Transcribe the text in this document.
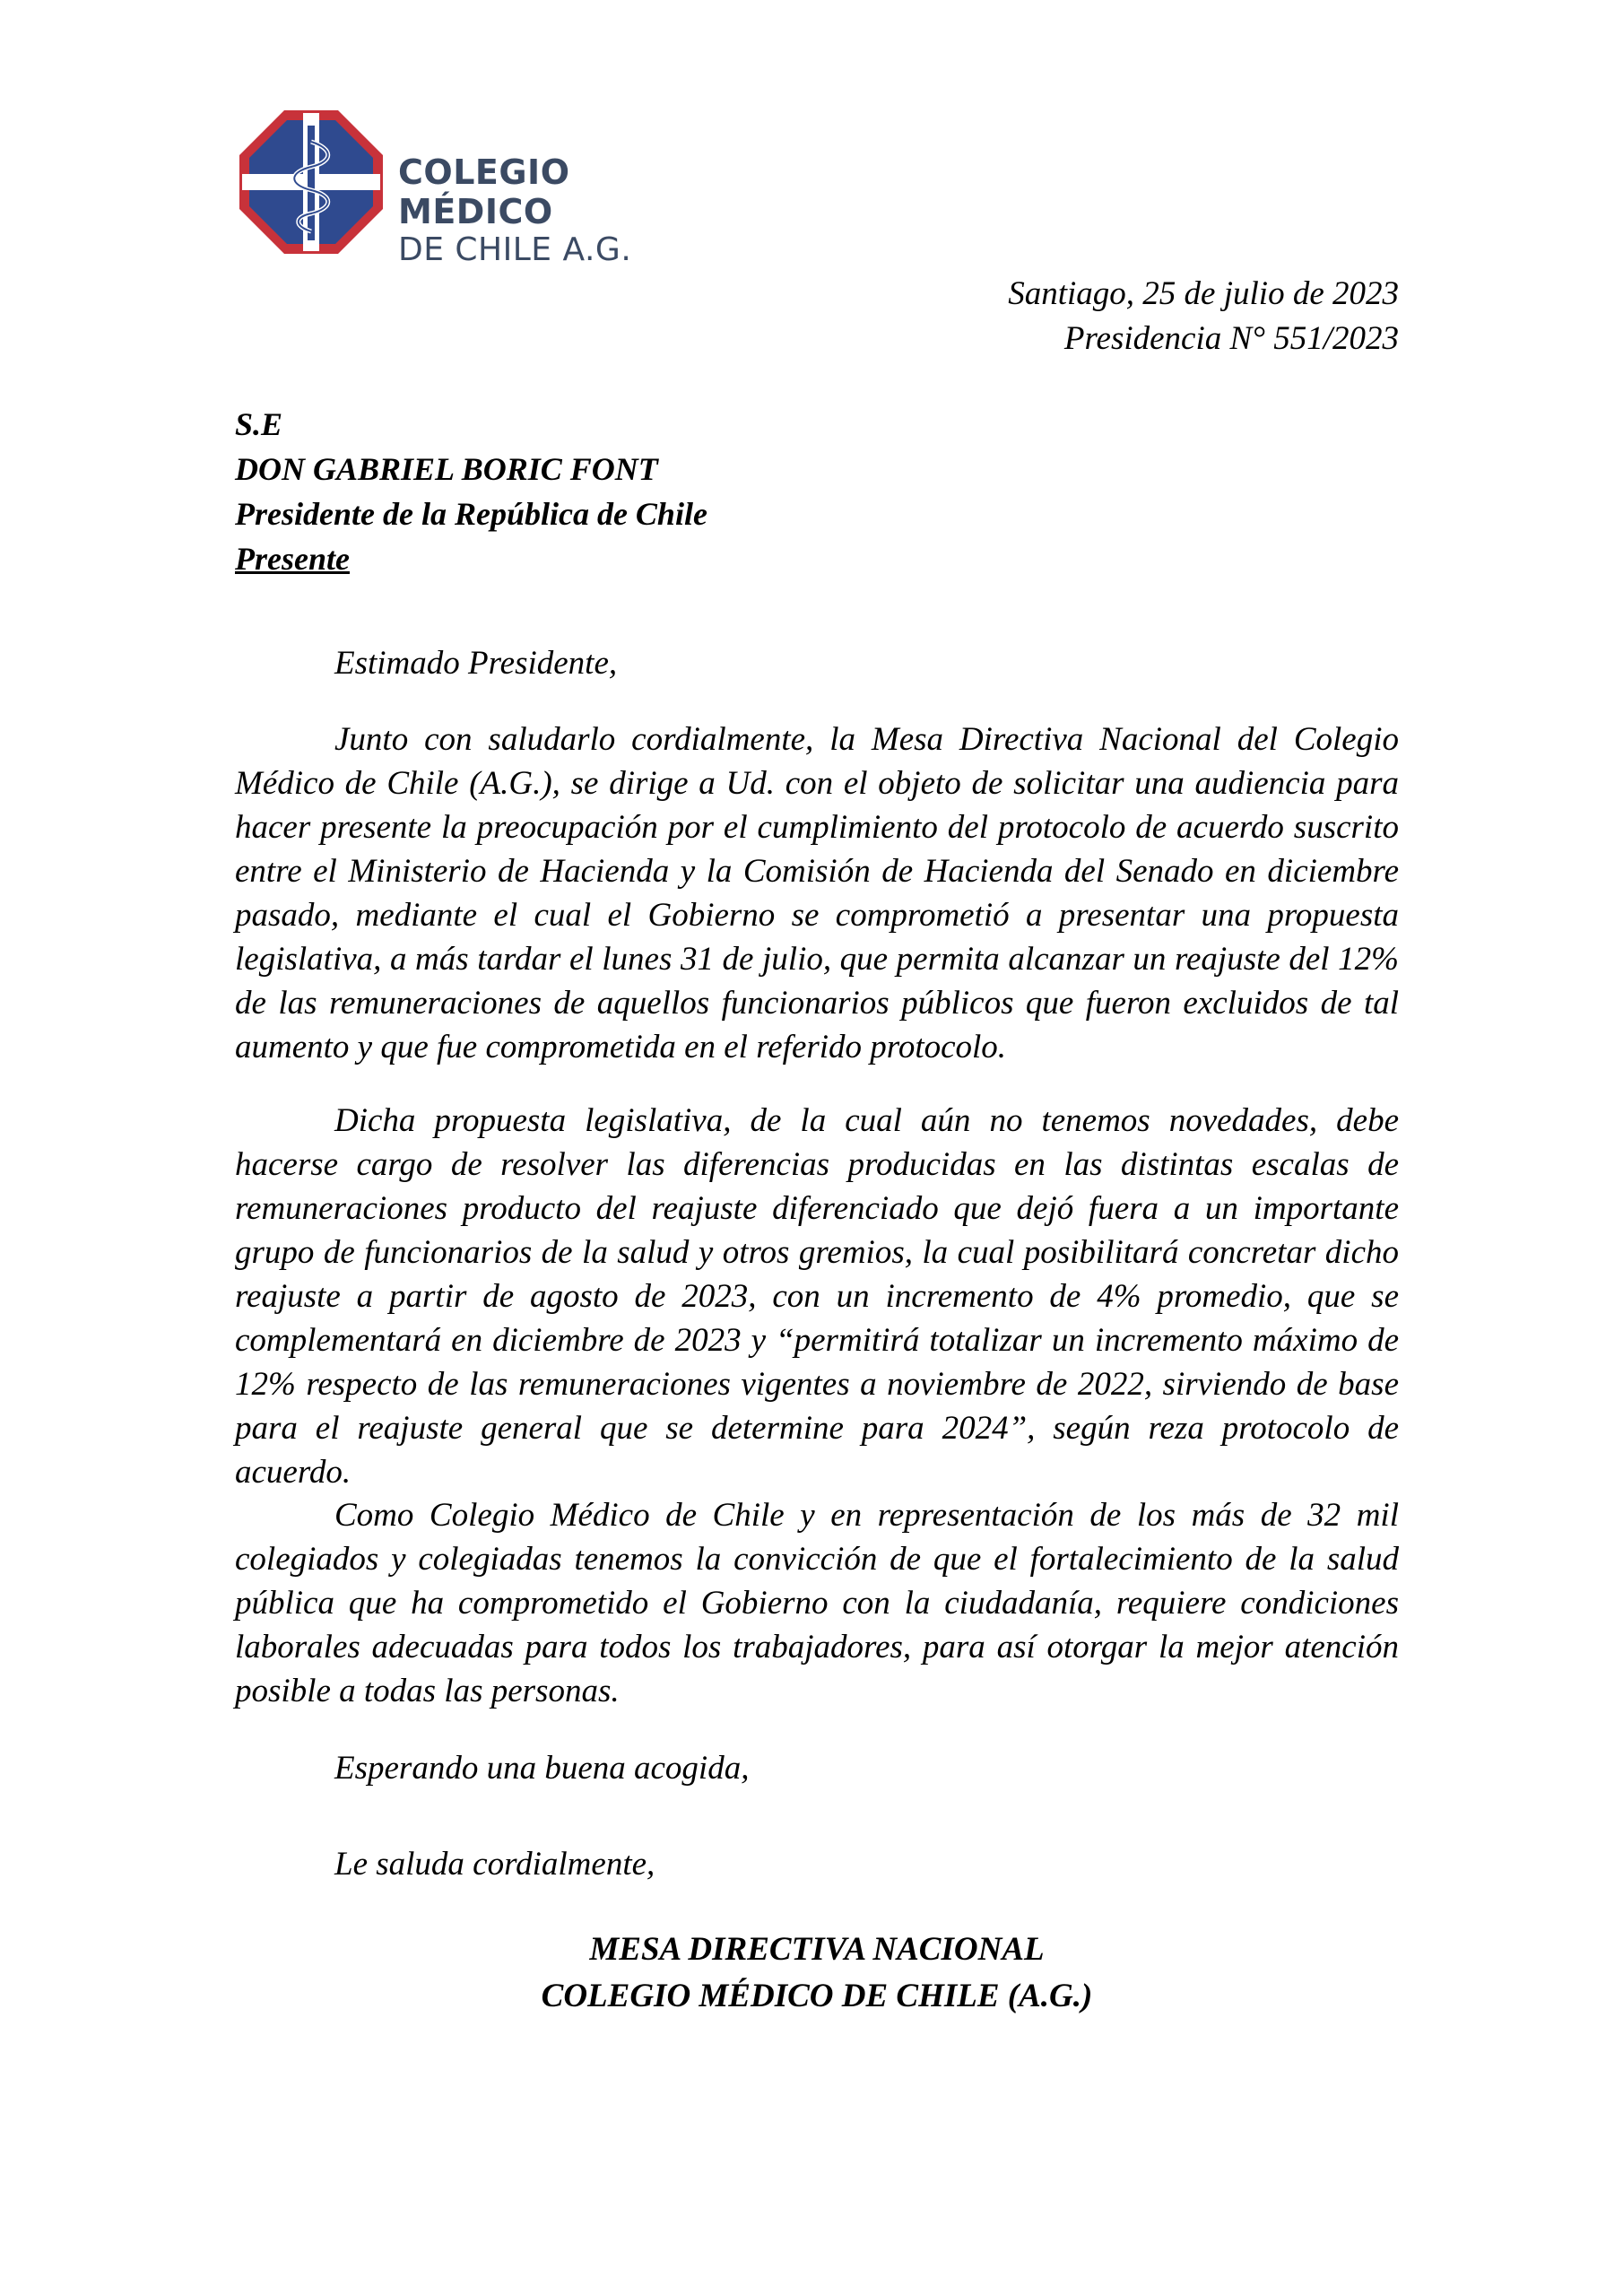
COLEGIO MÉDICO
DE CHILE A.G.
Santiago, 25 de julio de 2023
Presidencia N° 551/2023
S.E
DON GABRIEL BORIC FONT
Presidente de la República de Chile
Presente
Estimado Presidente,

Junto con saludarlo cordialmente, la Mesa Directiva Nacional del Colegio Médico de Chile (A.G.), se dirige a Ud. con el objeto de solicitar una audiencia para hacer presente la preocupación por el cumplimiento del protocolo de acuerdo suscrito entre el Ministerio de Hacienda y la Comisión de Hacienda del Senado en diciembre pasado, mediante el cual el Gobierno se comprometió a presentar una propuesta legislativa, a más tardar el lunes 31 de julio, que permita alcanzar un reajuste del 12% de las remuneraciones de aquellos funcionarios públicos que fueron excluidos de tal aumento y que fue comprometida en el referido protocolo.

Dicha propuesta legislativa, de la cual aún no tenemos novedades, debe hacerse cargo de resolver las diferencias producidas en las distintas escalas de remuneraciones producto del reajuste diferenciado que dejó fuera a un importante grupo de funcionarios de la salud y otros gremios, la cual posibilitará concretar dicho reajuste a partir de agosto de 2023, con un incremento de 4% promedio, que se complementará en diciembre de 2023 y “permitirá totalizar un incremento máximo de 12% respecto de las remuneraciones vigentes a noviembre de 2022, sirviendo de base para el reajuste general que se determine para 2024”, según reza protocolo de acuerdo.

Como Colegio Médico de Chile y en representación de los más de 32 mil colegiados y colegiadas tenemos la convicción de que el fortalecimiento de la salud pública que ha comprometido el Gobierno con la ciudadanía, requiere condiciones laborales adecuadas para todos los trabajadores, para así otorgar la mejor atención posible a todas las personas.

Esperando una buena acogida,
Le saluda cordialmente,
MESA DIRECTIVA NACIONAL
COLEGIO MÉDICO DE CHILE (A.G.)
